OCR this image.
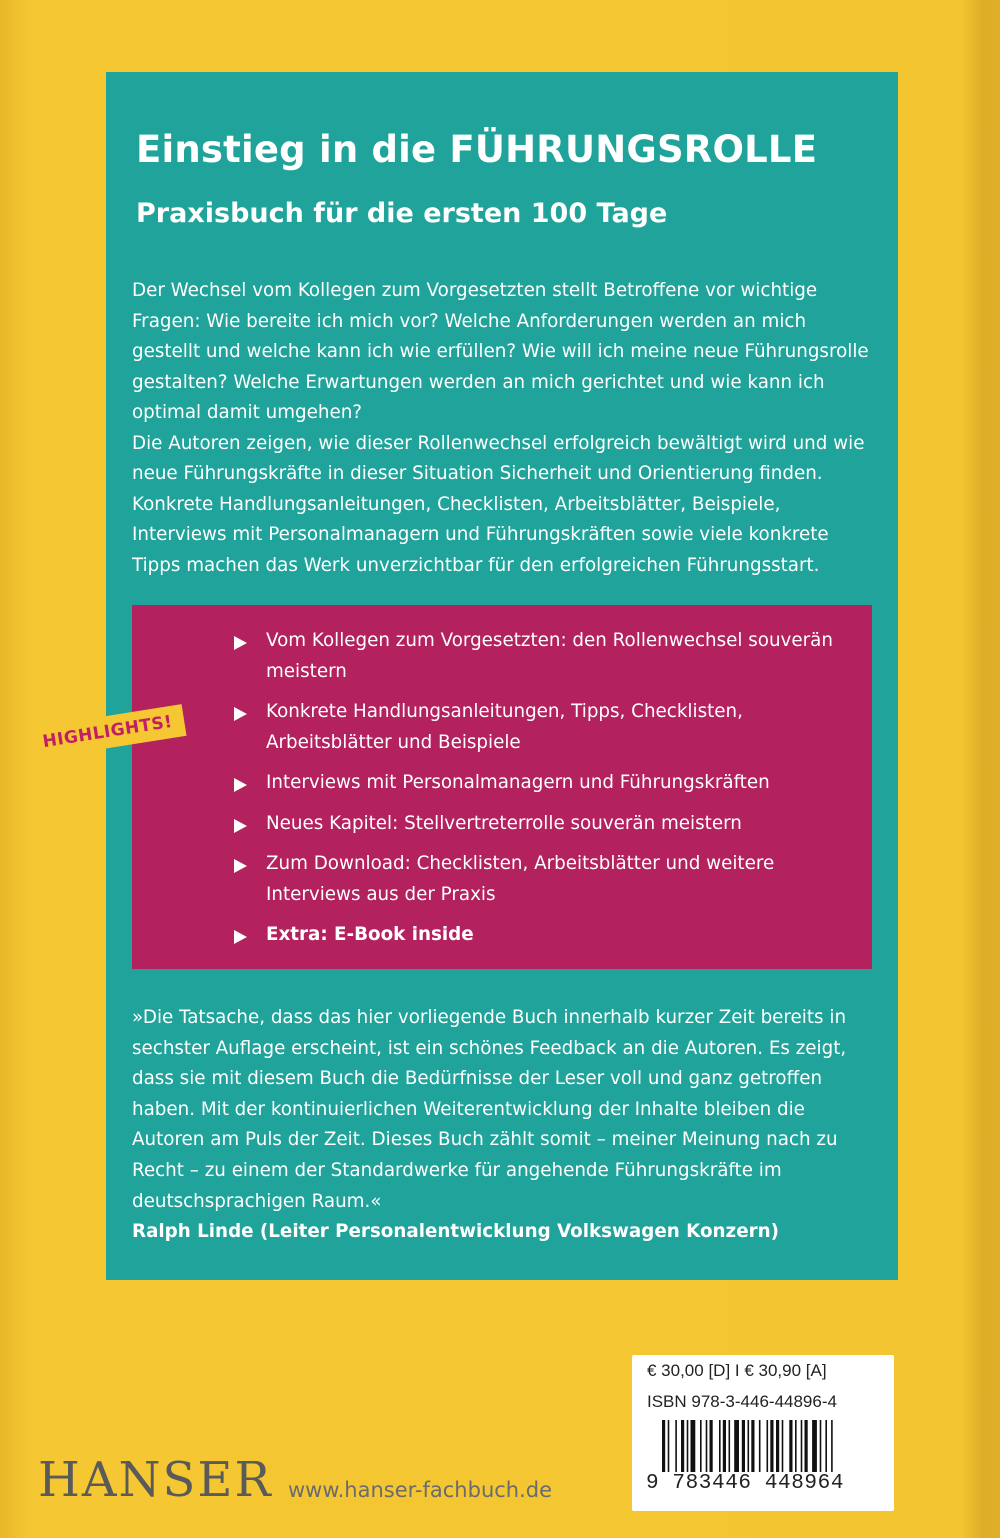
Einstieg in die FÜHRUNGSROLLE
Praxisbuch für die ersten 100 Tage

Der Wechsel vom Kollegen zum Vorgesetzten stellt Betroffene vor wichtige Fragen: Wie bereite ich mich vor? Welche Anforderungen werden an mich gestellt und welche kann ich wie erfüllen? Wie will ich meine neue Führungsrolle gestalten? Welche Erwartungen werden an mich gerichtet und wie kann ich optimal damit umgehen?

Die Autoren zeigen, wie dieser Rollenwechsel erfolgreich bewältigt wird und wie neue Führungskräfte in dieser Situation Sicherheit und Orientierung finden. Konkrete Handlungsanleitungen, Checklisten, Arbeitsblätter, Beispiele, Interviews mit Personalmanagern und Führungskräften sowie viele konkrete Tipps machen das Werk unverzichtbar für den erfolgreichen Führungsstart.

Vom Kollegen zum Vorgesetzten: den Rollenwechsel souverän meistern
Konkrete Handlungsanleitungen, Tipps, Checklisten, Arbeitsblätter und Beispiele
Interviews mit Personalmanagern und Führungskräften
Neues Kapitel: Stellvertreterrolle souverän meistern
Zum Download: Checklisten, Arbeitsblätter und weitere Interviews aus der Praxis
Extra: E-Book inside
HIGHLIGHTS!

»Die Tatsache, dass das hier vorliegende Buch innerhalb kurzer Zeit bereits in sechster Auflage erscheint, ist ein schönes Feedback an die Autoren. Es zeigt, dass sie mit diesem Buch die Bedürfnisse der Leser voll und ganz getroffen haben. Mit der kontinuierlichen Weiterentwicklung der Inhalte bleiben die Autoren am Puls der Zeit. Dieses Buch zählt somit – meiner Meinung nach zu Recht – zu einem der Standardwerke für angehende Führungskräfte im deutschsprachigen Raum.«

Ralph Linde (Leiter Personalentwicklung Volkswagen Konzern)

€ 30,00 [D] I € 30,90 [A]
ISBN 978-3-446-44896-4
9 783446 448964
HANSER www.hanser-fachbuch.de
